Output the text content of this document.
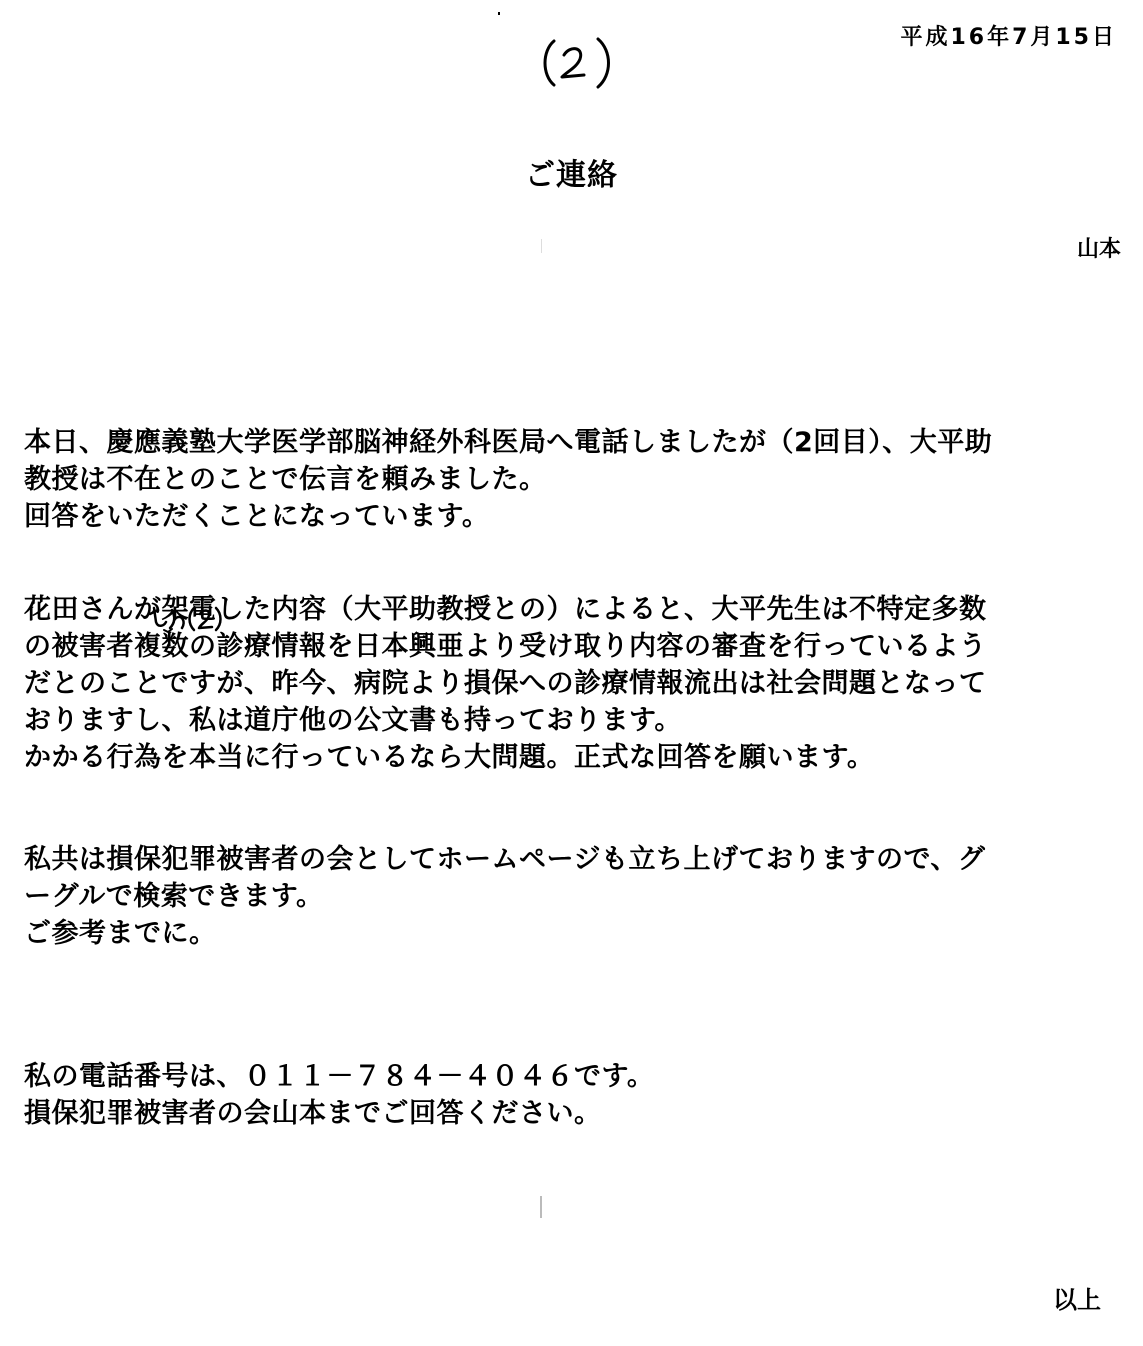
平成16年7月15日
ご連絡
山本
本日、慶應義塾大学医学部脳神経外科医局へ電話しましたが（2回目）、大平助
教授は不在とのことで伝言を頼みました。
回答をいただくことになっています。
花田さんが架電した内容（大平助教授との）によると、大平先生は不特定多数
の被害者複数の診療情報を日本興亜より受け取り内容の審査を行っているよう
だとのことですが、昨今、病院より損保への診療情報流出は社会問題となって
おりますし、私は道庁他の公文書も持っております。
かかる行為を本当に行っているなら大問題。正式な回答を願います。
私共は損保犯罪被害者の会としてホームページも立ち上げておりますので、グ
ーグルで検索できます。
ご参考までに。
私の電話番号は、０１１－７８４－４０４６です。
損保犯罪被害者の会山本までご回答ください。
以上
